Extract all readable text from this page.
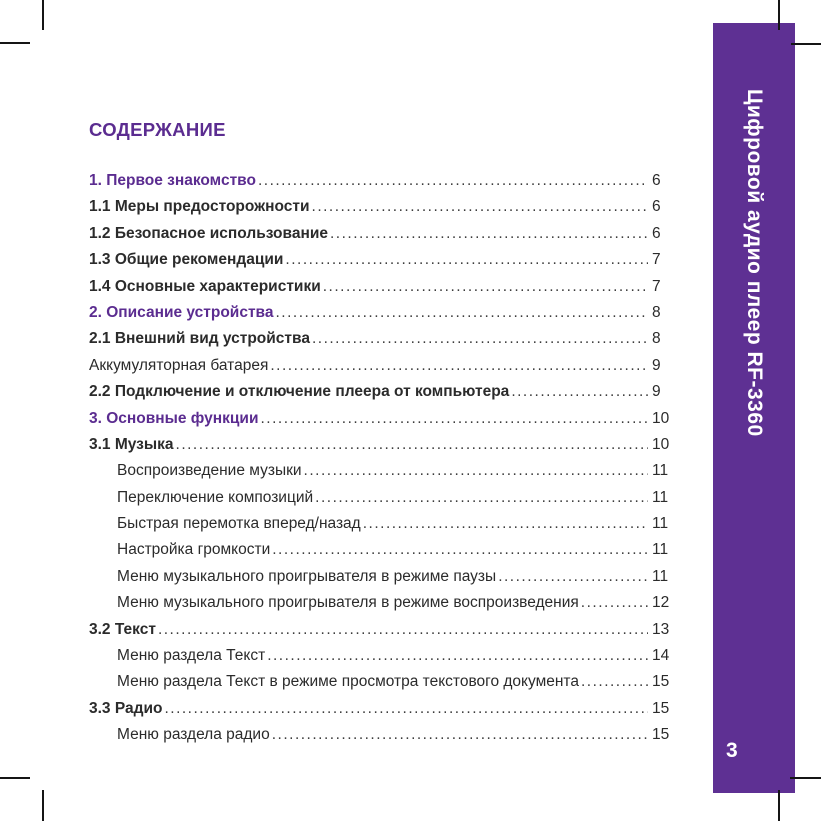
Цифровой аудио плеер RF-3360
3
СОДЕРЖАНИЕ
1. Первое знакомство .....	6
1.1 Меры предосторожности .....	6
1.2 Безопасное использование .....	6
1.3 Общие рекомендации .....	7
1.4 Основные характеристики .....	7
2. Описание устройства .....	8
2.1 Внешний вид устройства .....	8
Аккумуляторная батарея .....	9
2.2 Подключение и отключение плеера от компьютера .....	9
3. Основные функции .....	10
3.1 Музыка .....	10
Воспроизведение музыки .....	11
Переключение композиций .....	11
Быстрая перемотка вперед/назад .....	11
Настройка громкости .....	11
Меню музыкального проигрывателя в режиме паузы .....	11
Меню музыкального проигрывателя в режиме воспроизведения .....	12
3.2 Текст .....	13
Меню раздела Текст .....	14
Меню раздела Текст в режиме просмотра текстового документа .....	15
3.3 Радио .....	15
Меню раздела радио .....	15
